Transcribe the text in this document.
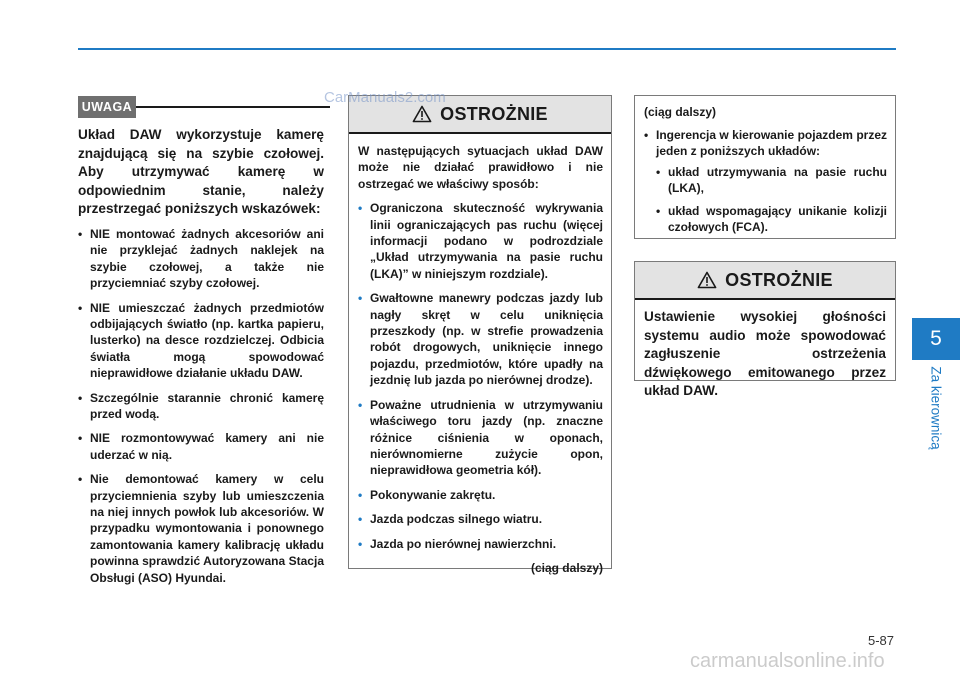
UWAGA

Układ DAW wykorzystuje kamerę znajdującą się na szybie czołowej. Aby utrzymywać kamerę w odpowiednim stanie, należy przestrzegać poniższych wskazówek:

• NIE montować żadnych akcesoriów ani nie przyklejać żadnych naklejek na szybie czołowej, a także nie przyciemniać szyby czołowej.
• NIE umieszczać żadnych przedmiotów odbijających światło (np. kartka papieru, lusterko) na desce rozdzielczej. Odbicia światła mogą spowodować nieprawidłowe działanie układu DAW.
• Szczególnie starannie chronić kamerę przed wodą.
• NIE rozmontowywać kamery ani nie uderzać w nią.
• Nie demontować kamery w celu przyciemnienia szyby lub umieszczenia na niej innych powłok lub akcesoriów. W przypadku wymontowania i ponownego zamontowania kamery kalibrację układu powinna sprawdzić Autoryzowana Stacja Obsługi (ASO) Hyundai.
OSTROŻNIE

W następujących sytuacjach układ DAW może nie działać prawidłowo i nie ostrzegać we właściwy sposób:

• Ograniczona skuteczność wykrywania linii ograniczających pas ruchu (więcej informacji podano w podrozdziale „Układ utrzymywania na pasie ruchu (LKA)” w niniejszym rozdziale).
• Gwałtowne manewry podczas jazdy lub nagły skręt w celu uniknięcia przeszkody (np. w strefie prowadzenia robót drogowych, uniknięcie innego pojazdu, przedmiotów, które upadły na jezdnię lub jazda po nierównej drodze).
• Poważne utrudnienia w utrzymywaniu właściwego toru jazdy (np. znaczne różnice ciśnienia w oponach, nierównomierne zużycie opon, nieprawidłowa geometria kół).
• Pokonywanie zakrętu.
• Jazda podczas silnego wiatru.
• Jazda po nierównej nawierzchni.
(ciąg dalszy)

(ciąg dalszy)

• Ingerencja w kierowanie pojazdem przez jeden z poniższych układów:
• układ utrzymywania na pasie ruchu (LKA),
• układ wspomagający unikanie kolizji czołowych (FCA).
OSTROŻNIE
Ustawienie wysokiej głośności systemu audio może spowodować zagłuszenie ostrzeżenia dźwiękowego emitowanego przez układ DAW.
5
Za kierownicą
5-87
CarManuals2.com
carmanualsonline.info
